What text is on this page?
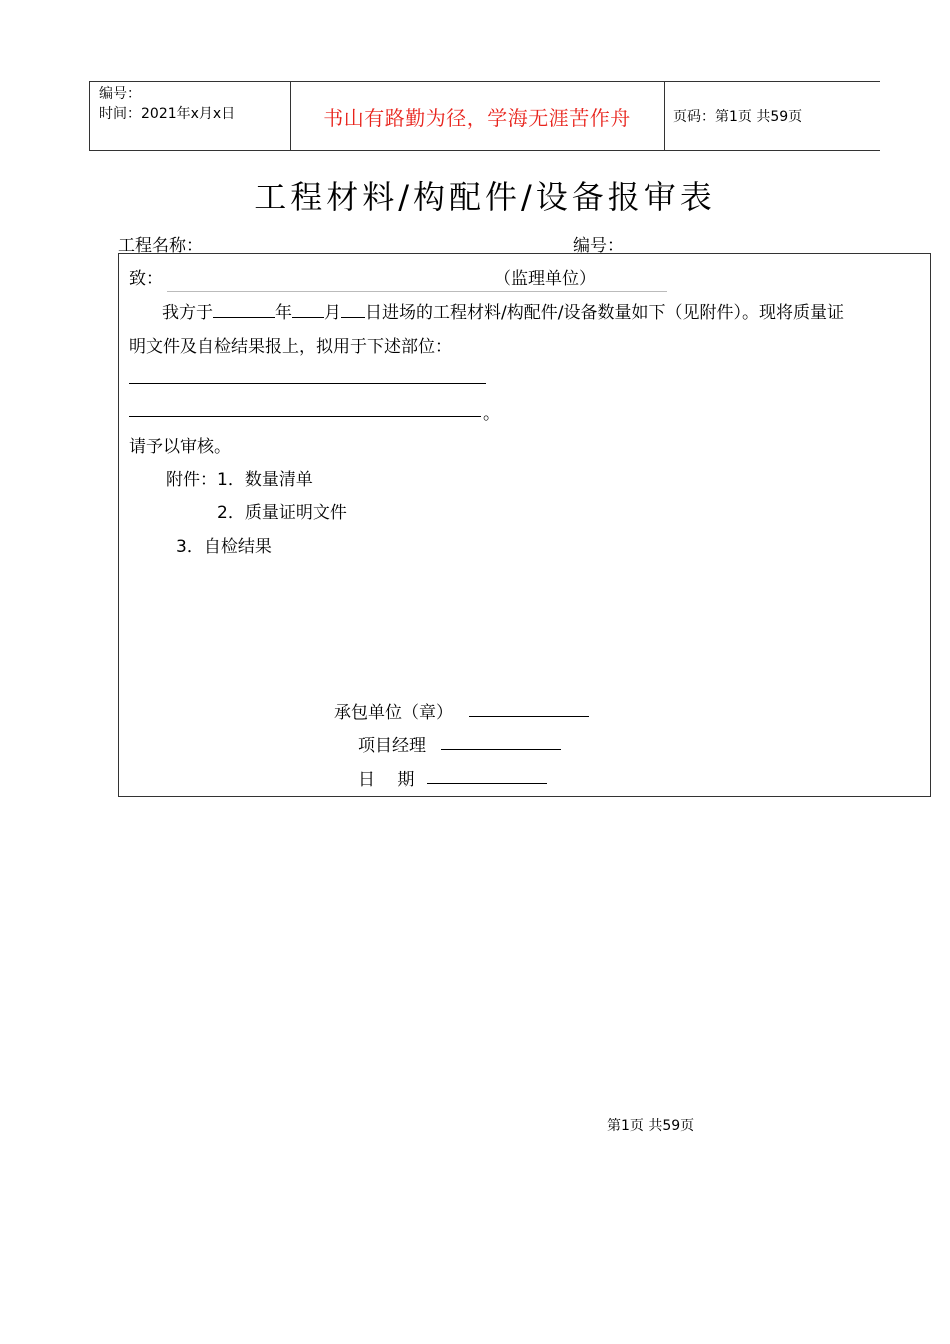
编号：
时间：2021年x月x日	书山有路勤为径，学海无涯苦作舟	页码：第1页 共59页
工程材料/构配件/设备报审表
工程名称：	编号：
致：	（监理单位）
我方于	年 月 日进场的工程材料/构配件/设备数量如下（见附件）。现将质量证
明文件及自检结果报上，拟用于下述部位：
。
请予以审核。
附件：1．数量清单
2．质量证明文件
3．自检结果
承包单位（章）
项目经理
日　 期
第1页 共59页
